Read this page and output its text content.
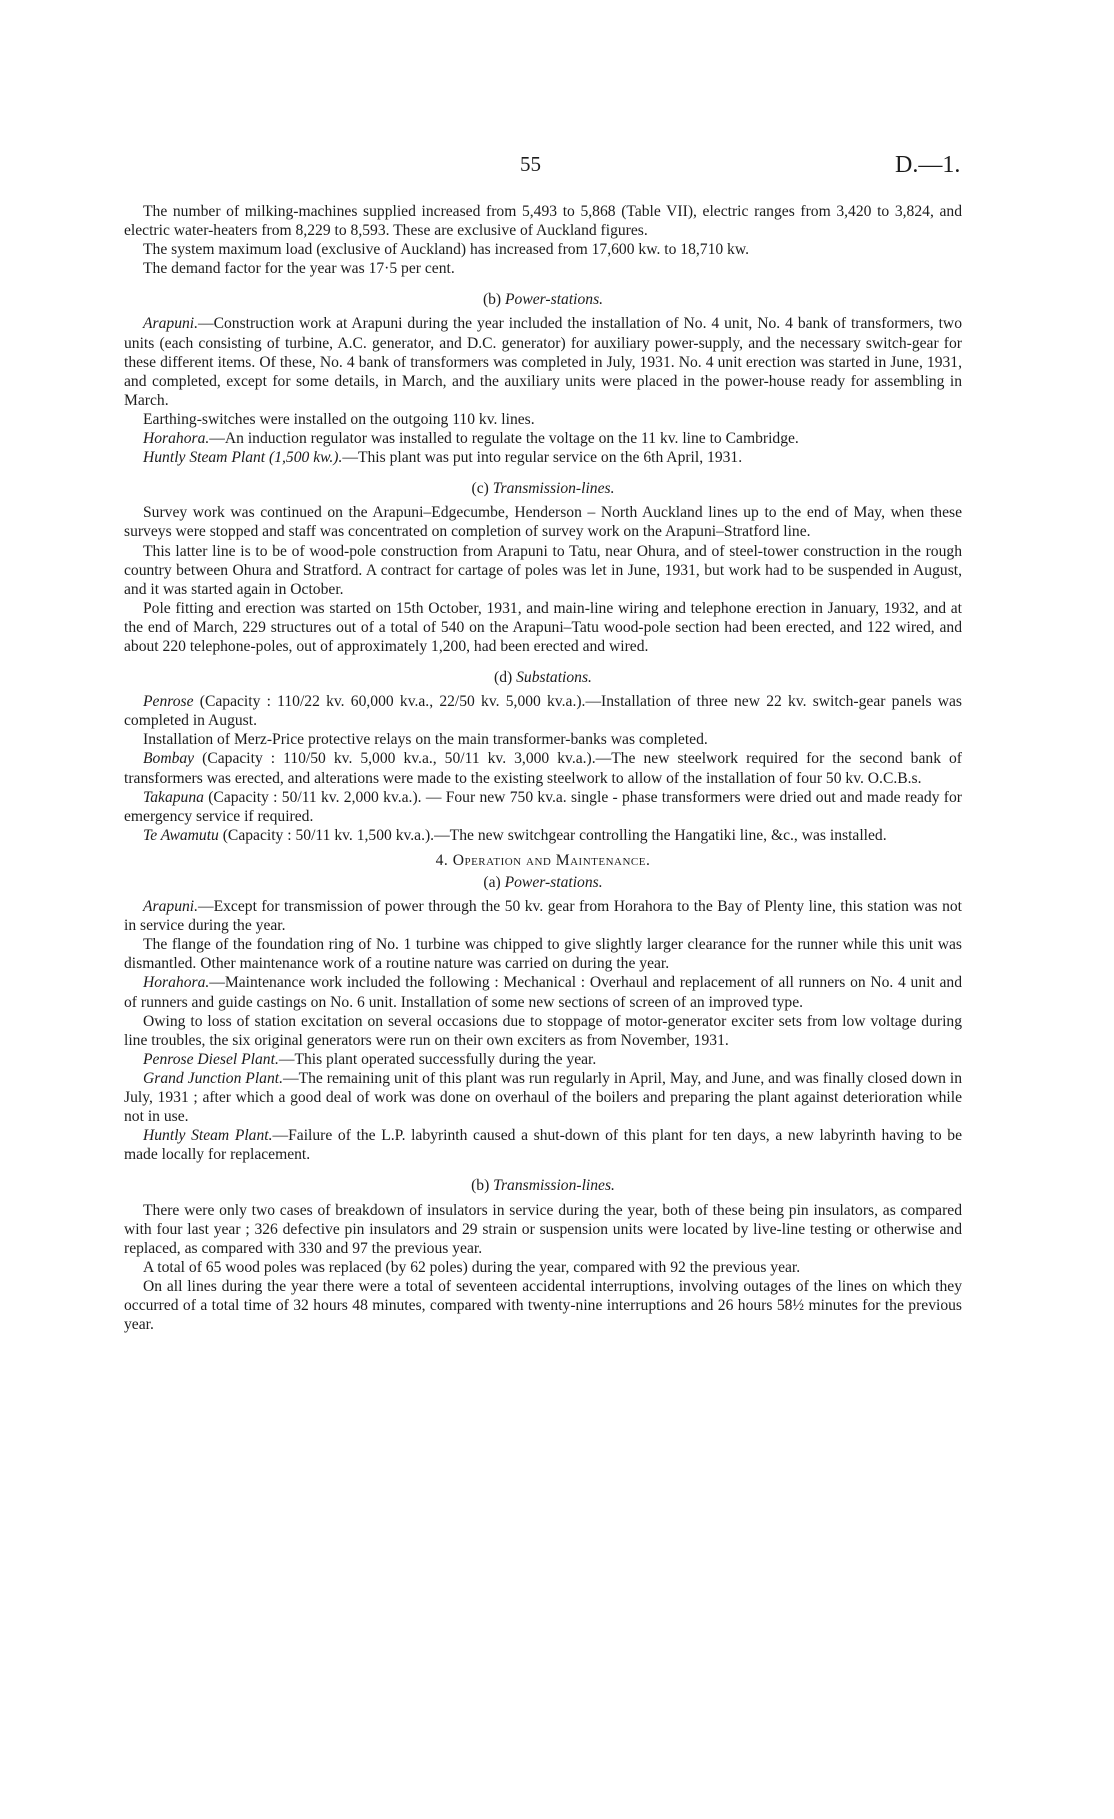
55	D.—1.

The number of milking-machines supplied increased from 5,493 to 5,868 (Table VII), electric ranges from 3,420 to 3,824, and electric water-heaters from 8,229 to 8,593. These are exclusive of Auckland figures.

The system maximum load (exclusive of Auckland) has increased from 17,600 kw. to 18,710 kw.

The demand factor for the year was 17·5 per cent.

(b) Power-stations.

Arapuni.—Construction work at Arapuni during the year included the installation of No. 4 unit, No. 4 bank of transformers, two units (each consisting of turbine, A.C. generator, and D.C. generator) for auxiliary power-supply, and the necessary switch-gear for these different items. Of these, No. 4 bank of transformers was completed in July, 1931. No. 4 unit erection was started in June, 1931, and completed, except for some details, in March, and the auxiliary units were placed in the power-house ready for assembling in March.

Earthing-switches were installed on the outgoing 110 kv. lines.

Horahora.—An induction regulator was installed to regulate the voltage on the 11 kv. line to Cambridge.

Huntly Steam Plant (1,500 kw.).—This plant was put into regular service on the 6th April, 1931.

(c) Transmission-lines.

Survey work was continued on the Arapuni–Edgecumbe, Henderson – North Auckland lines up to the end of May, when these surveys were stopped and staff was concentrated on completion of survey work on the Arapuni–Stratford line.

This latter line is to be of wood-pole construction from Arapuni to Tatu, near Ohura, and of steel-tower construction in the rough country between Ohura and Stratford. A contract for cartage of poles was let in June, 1931, but work had to be suspended in August, and it was started again in October.

Pole fitting and erection was started on 15th October, 1931, and main-line wiring and telephone erection in January, 1932, and at the end of March, 229 structures out of a total of 540 on the Arapuni–Tatu wood-pole section had been erected, and 122 wired, and about 220 telephone-poles, out of approximately 1,200, had been erected and wired.

(d) Substations.

Penrose (Capacity : 110/22 kv. 60,000 kv.a., 22/50 kv. 5,000 kv.a.).—Installation of three new 22 kv. switch-gear panels was completed in August.

Installation of Merz-Price protective relays on the main transformer-banks was completed.

Bombay (Capacity : 110/50 kv. 5,000 kv.a., 50/11 kv. 3,000 kv.a.).—The new steelwork required for the second bank of transformers was erected, and alterations were made to the existing steelwork to allow of the installation of four 50 kv. O.C.B.s.

Takapuna (Capacity : 50/11 kv. 2,000 kv.a.). — Four new 750 kv.a. single - phase transformers were dried out and made ready for emergency service if required.

Te Awamutu (Capacity : 50/11 kv. 1,500 kv.a.).—The new switchgear controlling the Hangatiki line, &c., was installed.

4. Operation and Maintenance.
(a) Power-stations.

Arapuni.—Except for transmission of power through the 50 kv. gear from Horahora to the Bay of Plenty line, this station was not in service during the year.

The flange of the foundation ring of No. 1 turbine was chipped to give slightly larger clearance for the runner while this unit was dismantled. Other maintenance work of a routine nature was carried on during the year.

Horahora.—Maintenance work included the following : Mechanical : Overhaul and replacement of all runners on No. 4 unit and of runners and guide castings on No. 6 unit. Installation of some new sections of screen of an improved type.

Owing to loss of station excitation on several occasions due to stoppage of motor-generator exciter sets from low voltage during line troubles, the six original generators were run on their own exciters as from November, 1931.

Penrose Diesel Plant.—This plant operated successfully during the year.

Grand Junction Plant.—The remaining unit of this plant was run regularly in April, May, and June, and was finally closed down in July, 1931 ; after which a good deal of work was done on overhaul of the boilers and preparing the plant against deterioration while not in use.

Huntly Steam Plant.—Failure of the L.P. labyrinth caused a shut-down of this plant for ten days, a new labyrinth having to be made locally for replacement.

(b) Transmission-lines.

There were only two cases of breakdown of insulators in service during the year, both of these being pin insulators, as compared with four last year ; 326 defective pin insulators and 29 strain or suspension units were located by live-line testing or otherwise and replaced, as compared with 330 and 97 the previous year.

A total of 65 wood poles was replaced (by 62 poles) during the year, compared with 92 the previous year.

On all lines during the year there were a total of seventeen accidental interruptions, involving outages of the lines on which they occurred of a total time of 32 hours 48 minutes, compared with twenty-nine interruptions and 26 hours 58½ minutes for the previous year.
